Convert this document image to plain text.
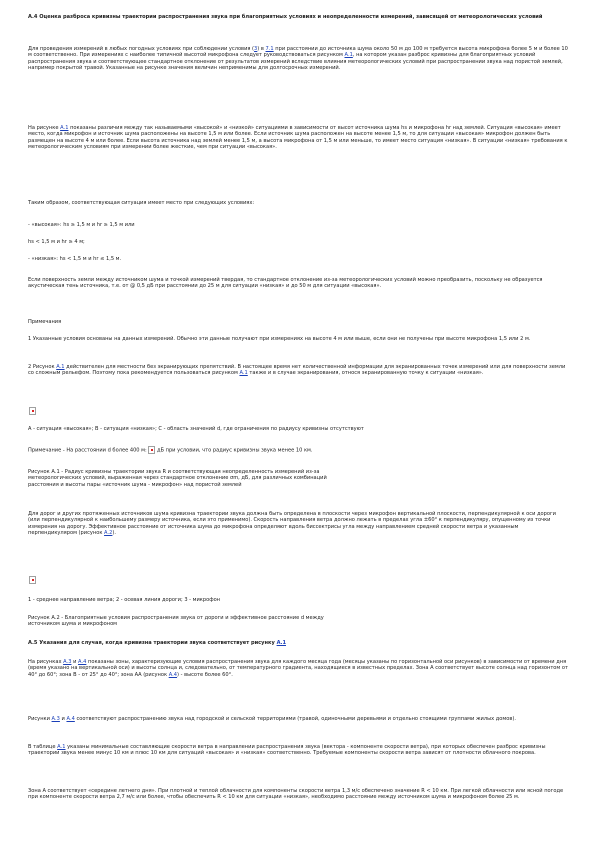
А.4 Оценка разброса кривизны траектории распространения звука при благоприятных условиях и неопределенности измерений, зависящей от метеорологических условий
Для проведения измерений в любых погодных условиях при соблюдении условия (3) в 7.1 при расстоянии до источника шума около 50 м до 100 м требуется высота микрофона более 5 м и более 10 м соответственно. При измерениях с наиболее типичной высотой микрофона следует руководствоваться рисунком А.1, на котором указан разброс кривизны для благоприятных условий распространения звука и соответствующее стандартное отклонение от результатов измерений вследствие влияния метеорологических условий при распространении звука над пористой землей, например покрытой травой. Указанные на рисунке значения величин неприменимы для долгосрочных измерений.
На рисунке А.1 показаны различия между так называемыми «высокой» и «низкой» ситуациями в зависимости от высот источника шума hs и микрофона hr над землей. Ситуация «высокая» имеет место, когда микрофон и источник шума расположены на высоте 1,5 м или более. Если источник шума расположен на высоте менее 1,5 м, то для ситуации «высокая» микрофон должен быть размещен на высоте 4 м или более. Если высота источника над землей менее 1,5 м, а высота микрофона от 1,5 м или меньше, то имеет место ситуация «низкая». В ситуации «низкая» требования к метеорологическим условиям при измерении более жесткие, чем при ситуации «высокая».
Таким образом, соответствующая ситуация имеет место при следующих условиях:
- «высокая»: hs ≥ 1,5 м и hr ≥ 1,5 м или
hs < 1,5 м и hr ≥ 4 м;
- «низкая»: hs < 1,5 м и hr ≤ 1,5 м.
Если поверхность земли между источником шума и точкой измерений твердая, то стандартное отклонение из-за метеорологических условий можно преобразить, поскольку не образуется акустическая тень источника, т.е. от @ 0,5 дБ при расстоянии до 25 м для ситуации «низкая» и до 50 м для ситуации «высокая».
Примечания
1 Указанные условия основаны на данных измерений. Обычно эти данные получают при измерениях на высоте 4 м или выше, если они не получены при высоте микрофона 1,5 или 2 м.
2 Рисунок А.1 действителен для местности без экранирующих препятствий. В настоящее время нет количественной информации для экранированных точек измерений или для поверхности земли со сложным рельефом. Поэтому пока рекомендуется пользоваться рисунком А.1 также и в случае экранирования, относя экранированную точку к ситуации «низкая».
А - ситуация «высокая»; В - ситуация «низкая»; С - область значений d, где ограничения по радиусу кривизны отсутствуют
Примечание - На расстоянии d более 400 м:  дБ при условии, что радиус кривизны звука менее 10 км.
Рисунок А.1 - Радиус кривизны траектории звука R и соответствующая неопределенность измерений из-за метеорологических условий, выраженная через стандартное отклонение σm, дБ, для различных комбинаций расстояния и высоты пары «источник шума - микрофон» над пористой землей
Для дорог и других протяженных источников шума кривизна траектории звука должна быть определена в плоскости через микрофон вертикальной плоскости, перпендикулярной к оси дороги (или перпендикулярной к наибольшему размеру источника, если это применимо). Скорость направления ветра должно лежать в пределах угла ±60° к перпендикуляру, опущенному из точки измерения на дорогу. Эффективное расстояние от источника шума до микрофона определяют вдоль биссектрисы угла между направлением средней скорости ветра и указанным перпендикуляром (рисунок А.2).
1 - среднее направление ветра; 2 - осевая линия дороги; 3 - микрофон
Рисунок А.2 - Благоприятные условия распространения звука от дороги и эффективное расстояние d между источником шума и микрофоном
А.5 Указания для случая, когда кривизна траектории звука соответствует рисунку А.1
На рисунках А.3 и А.4 показаны зоны, характеризующие условия распространения звука для каждого месяца года (месяцы указаны по горизонтальной оси рисунков) в зависимости от времени дня (время указано на вертикальной оси) и высоты солнца и, следовательно, от температурного градиента, находящиеся в известных пределах. Зона А соответствует высоте солнца над горизонтом от 40° до 60°; зона В - от 25° до 40°; зона АА (рисунок А.4) - высоте более 60°.
Рисунки А.3 и А.4 соответствуют распространению звука над городской и сельской территориями (травой, одиночными деревьями и отдельно стоящими группами жилых домов).
В таблице А.1 указаны минимальные составляющие скорости ветра в направлении распространения звука (вектора - компоненте скорости ветра), при которых обеспечен разброс кривизны траектории звука менее минус 10 км и плюс 10 км для ситуаций «высокая» и «низкая» соответственно. Требуемые компоненты скорости ветра зависят от плотности облачного покрова.
Зона А соответствует «середине летнего дня». При плотной и теплой облачности для компоненты скорости ветра 1,3 м/с обеспечено значение R < 10 км. При легкой облачности или ясной погоде при компоненте скорости ветра 2,7 м/с или более, чтобы обеспечить R < 10 км для ситуации «низкая», необходимо расстояние между источником шума и микрофоном более 25 м.
